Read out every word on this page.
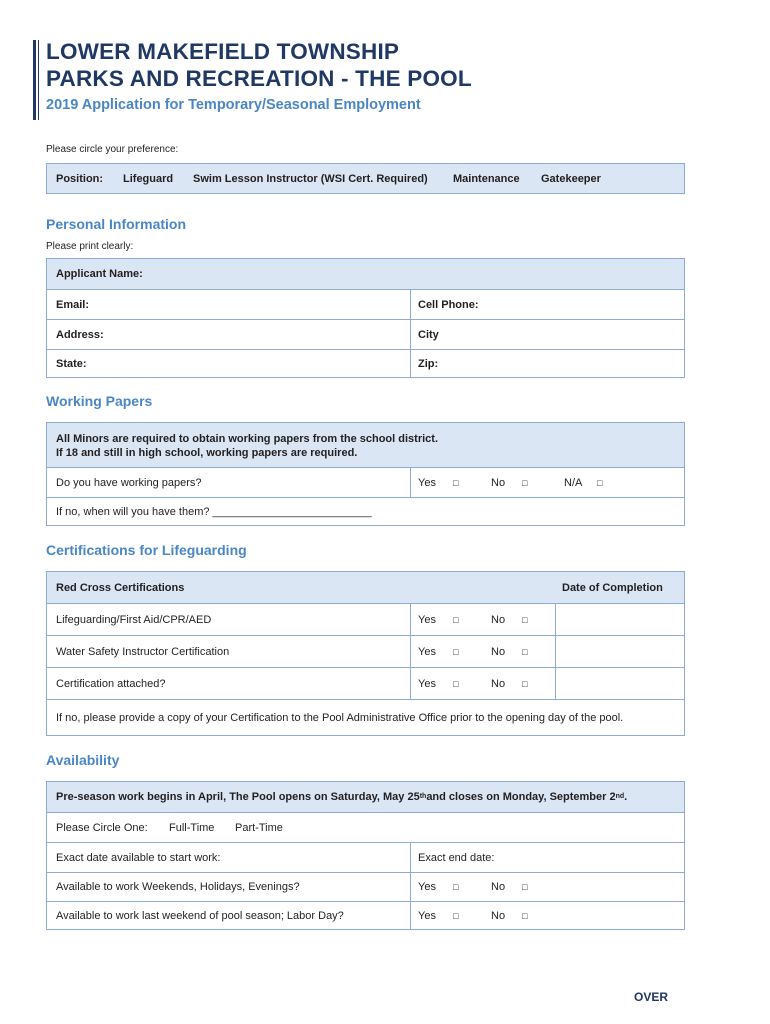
LOWER MAKEFIELD TOWNSHIP
PARKS AND RECREATION - THE POOL
2019 Application for Temporary/Seasonal Employment
Please circle your preference:
Position: Lifeguard Swim Lesson Instructor (WSI Cert. Required) Maintenance Gatekeeper
Personal Information
Please print clearly:
Applicant Name:
Email:	Cell Phone:
Address:	City
State:	Zip:
Working Papers
All Minors are required to obtain working papers from the school district.
If 18 and still in high school, working papers are required.
Do you have working papers?	Yes □	No □	N/A □
If no, when will you have them? __________________________
Certifications for Lifeguarding
Red Cross Certifications	Date of Completion
Lifeguarding/First Aid/CPR/AED	Yes □	No □
Water Safety Instructor Certification	Yes □	No □
Certification attached?	Yes □	No □
If no, please provide a copy of your Certification to the Pool Administrative Office prior to the opening day of the pool.
Availability
Pre-season work begins in April, The Pool opens on Saturday, May 25 th and closes on Monday, September 2 nd .
Please Circle One: Full-Time Part-Time
Exact date available to start work:	Exact end date:
Available to work Weekends, Holidays, Evenings?	Yes □	No □
Available to work last weekend of pool season; Labor Day?	Yes □	No □
OVER
